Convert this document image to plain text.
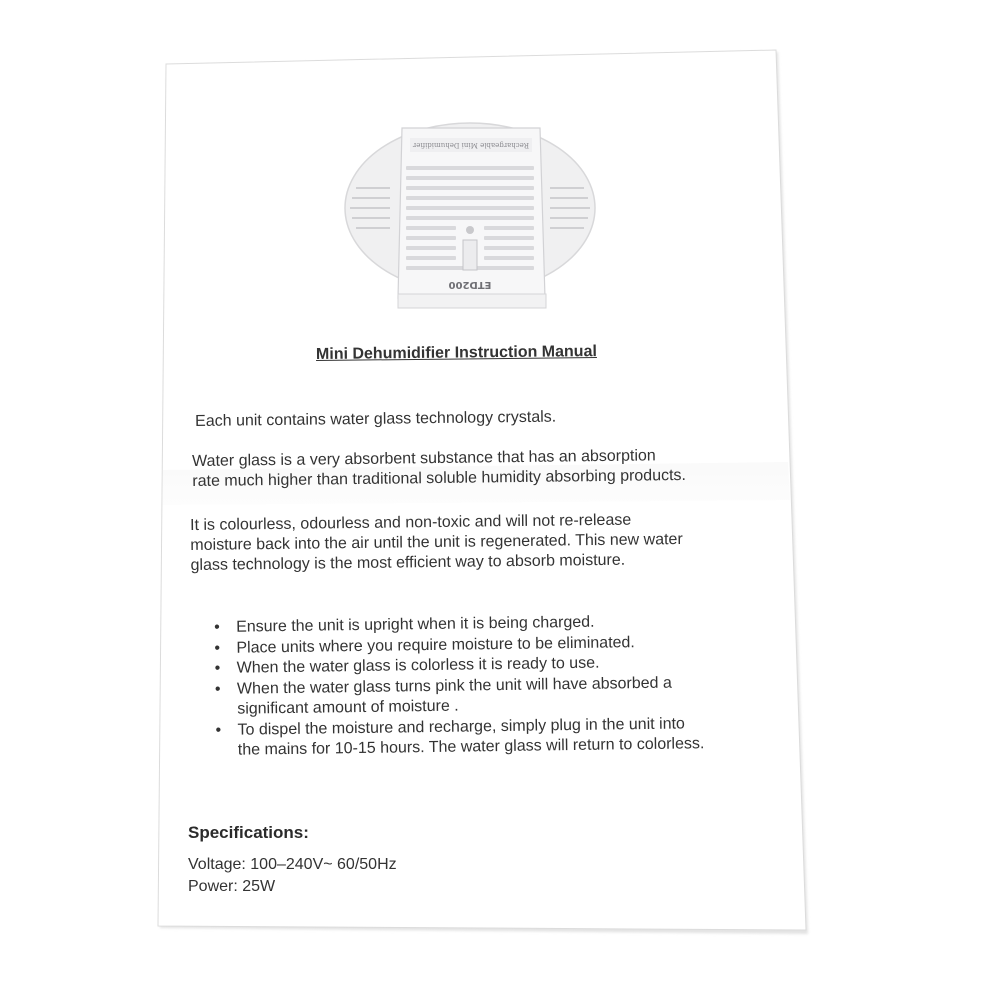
ETD200
Rechargeable Mini Dehumidifier
Mini Dehumidifier Instruction Manual
Each unit contains water glass technology crystals.
Water glass is a very absorbent substance that has an absorption
rate much higher than traditional soluble humidity absorbing products.
It is colourless, odourless and non-toxic and will not re-release
moisture back into the air until the unit is regenerated. This new water
glass technology is the most efficient way to absorb moisture.
• Ensure the unit is upright when it is being charged.
• Place units where you require moisture to be eliminated.
• When the water glass is colorless it is ready to use.
• When the water glass turns pink the unit will have absorbed a
significant amount of moisture .
• To dispel the moisture and recharge, simply plug in the unit into
the mains for 10-15 hours. The water glass will return to colorless.
Specifications:
Voltage: 100–240V~ 60/50Hz
Power: 25W
